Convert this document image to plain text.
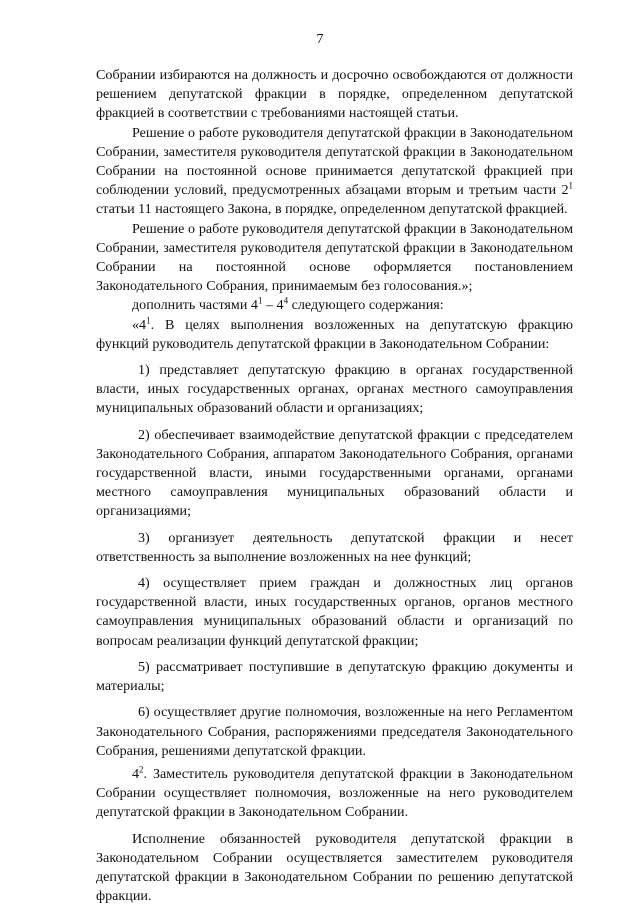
7

Собрании избираются на должность и досрочно освобождаются от должности решением депутатской фракции в порядке, определенном депутатской фракцией в соответствии с требованиями настоящей статьи.

Решение о работе руководителя депутатской фракции в Законодательном Собрании, заместителя руководителя депутатской фракции в Законодательном Собрании на постоянной основе принимается депутатской фракцией при соблюдении условий, предусмотренных абзацами вторым и третьим части $2^1$ статьи 11 настоящего Закона, в порядке, определенном депутатской фракцией.

Решение о работе руководителя депутатской фракции в Законодательном Собрании, заместителя руководителя депутатской фракции в Законодательном Собрании на постоянной основе оформляется постановлением Законодательного Собрания, принимаемым без голосования.»;

дополнить частями $4^1 - 4^4$ следующего содержания:

«$4^1$. В целях выполнения возложенных на депутатскую фракцию функций руководитель депутатской фракции в Законодательном Собрании:

1) представляет депутатскую фракцию в органах государственной власти, иных государственных органах, органах местного самоуправления муниципальных образований области и организациях;

2) обеспечивает взаимодействие депутатской фракции с председателем Законодательного Собрания, аппаратом Законодательного Собрания, органами государственной власти, иными государственными органами, органами местного самоуправления муниципальных образований области и организациями;

3) организует деятельность депутатской фракции и несет ответственность за выполнение возложенных на нее функций;

4) осуществляет прием граждан и должностных лиц органов государственной власти, иных государственных органов, органов местного самоуправления муниципальных образований области и организаций по вопросам реализации функций депутатской фракции;

5) рассматривает поступившие в депутатскую фракцию документы и материалы;

6) осуществляет другие полномочия, возложенные на него Регламентом Законодательного Собрания, распоряжениями председателя Законодательного Собрания, решениями депутатской фракции.

$4^2$. Заместитель руководителя депутатской фракции в Законодательном Собрании осуществляет полномочия, возложенные на него руководителем депутатской фракции в Законодательном Собрании.

Исполнение обязанностей руководителя депутатской фракции в Законодательном Собрании осуществляется заместителем руководителя депутатской фракции в Законодательном Собрании по решению депутатской фракции.
